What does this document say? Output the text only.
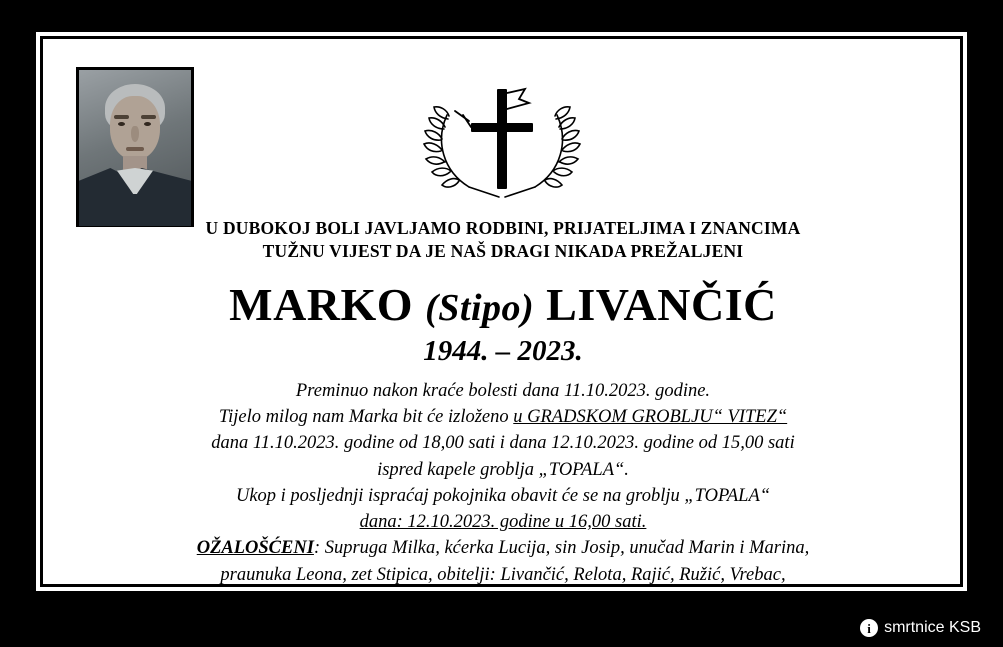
U DUBOKOJ BOLI JAVLJAMO RODBINI, PRIJATELJIMA I ZNANCIMA
TUŽNU VIJEST DA JE NAŠ DRAGI NIKADA PREŽALJENI
MARKO (Stipo) LIVANČIĆ
1944. – 2023.
Preminuo nakon kraće bolesti dana 11.10.2023. godine.
Tijelo milog nam Marka bit će izloženo u GRADSKOM GROBLJU“ VITEZ“
dana 11.10.2023. godine od 18,00 sati i dana 12.10.2023. godine od 15,00 sati
ispred kapele groblja „TOPALA“.
Ukop i posljednji ispraćaj pokojnika obavit će se na groblju „TOPALA“
dana: 12.10.2023. godine u 16,00 sati.
OŽALOŠĆENI: Supruga Milka, kćerka Lucija, sin Josip, unučad Marin i Marina,
praunuka Leona, zet Stipica, obitelji: Livančić, Relota, Rajić, Ružić, Vrebac,
te ostala mnogobrojna rodbina i prijatelji.
i smrtnice KSB
